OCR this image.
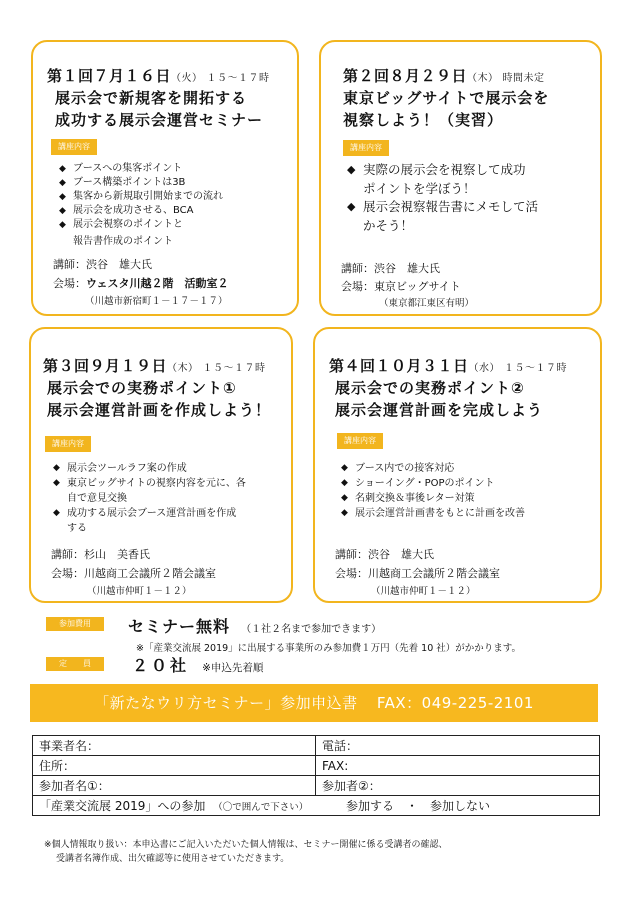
第１回７月１６日（火） １５～１７時
展示会で新規客を開拓する
成功する展示会運営セミナー
講座内容
◆ ブースへの集客ポイント
◆ ブース構築ポイントは3B
◆ 集客から新規取引開始までの流れ
◆ 展示会を成功させる、BCA
◆ 展示会視察のポイントと
報告書作成のポイント
講師：渋谷　雄大氏
会場：ウェスタ川越２階　活動室２
（川越市新宿町１－１７－１７）
第２回８月２９日（木） 時間未定
東京ビッグサイトで展示会を
視察しよう！（実習）
講座内容
◆ 実際の展示会を視察して成功
ポイントを学ぼう！
◆ 展示会視察報告書にメモして活
かそう！
講師：渋谷　雄大氏
会場：東京ビッグサイト
（東京都江東区有明）
第３回９月１９日（木） １５～１７時
展示会での実務ポイント①
展示会運営計画を作成しよう！
講座内容
◆ 展示会ツールラフ案の作成
◆ 東京ビッグサイトの視察内容を元に、各
自で意見交換
◆ 成功する展示会ブース運営計画を作成
する
講師：杉山　美香氏
会場：川越商工会議所２階会議室
（川越市仲町１－１２）
第４回１０月３１日（水） １５～１７時
展示会での実務ポイント②
展示会運営計画を完成しよう
講座内容
◆ ブース内での接客対応
◆ ショーイング・POPのポイント
◆ 名刺交換＆事後レター対策
◆ 展示会運営計画書をもとに計画を改善
講師：渋谷　雄大氏
会場：川越商工会議所２階会議室
（川越市仲町１－１２）
参加費用	セミナー無料 （１社２名まで参加できます）
※「産業交流展 2019」に出展する事業所のみ参加費１万円（先着 10 社）がかかります。
定　　員	２０社 ※申込先着順
「新たなウリ方セミナー」参加申込書 FAX：049-225-2101
事業者名：	電話：
住所：	FAX:
参加者名①：	参加者②：
「産業交流展 2019」への参加 （〇で囲んで下さい） 参加する　・　参加しない	
※個人情報取り扱い：本申込書にご記入いただいた個人情報は、セミナー開催に係る受講者の確認、
受講者名簿作成、出欠確認等に使用させていただきます。
